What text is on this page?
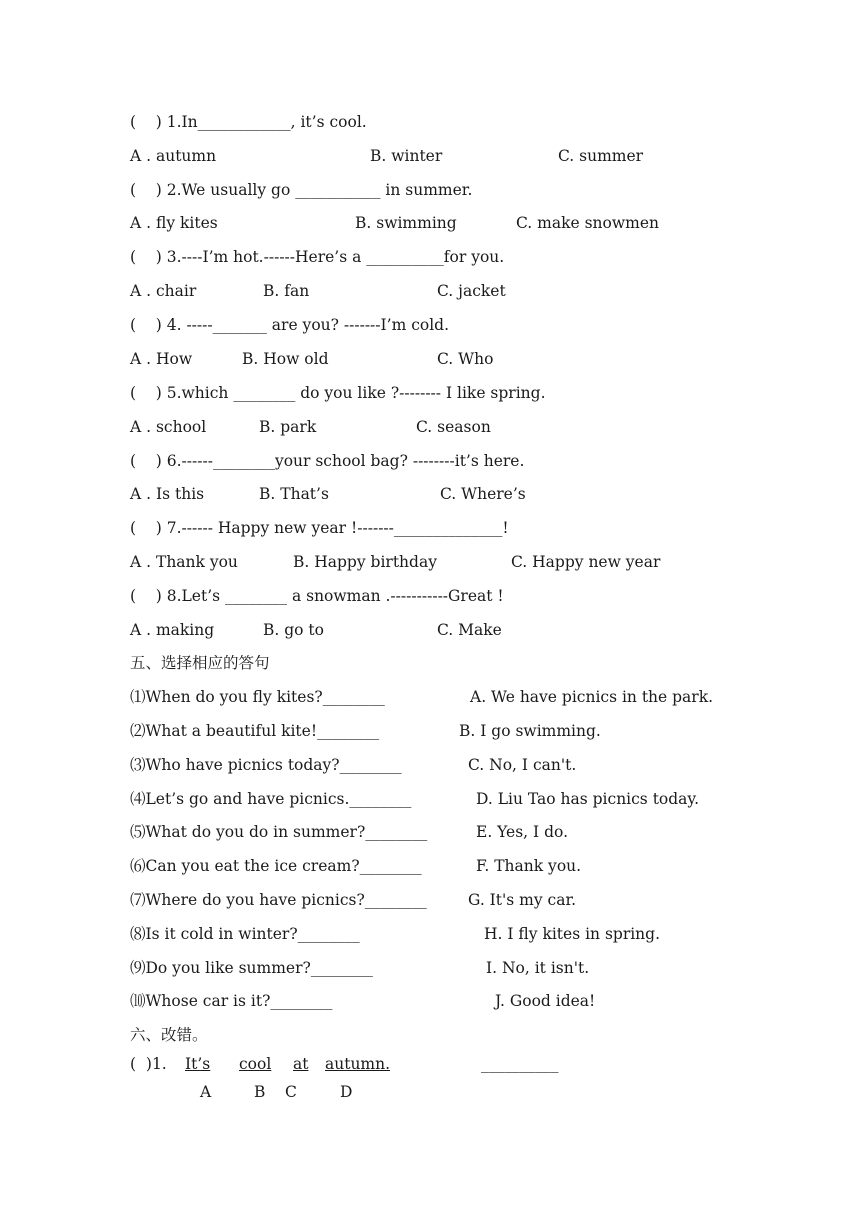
(    ) 1.In____________, it’s cool.
A . autumn	B. winter	C. summer
(    ) 2.We usually go ___________ in summer.
A . fly kites	B. swimming	C. make snowmen
(    ) 3.----I’m hot.------Here’s a __________for you.
A . chair	B. fan	C. jacket
(    ) 4. -----_______ are you? -------I’m cold.
A . How	B. How old	C. Who
(    ) 5.which ________ do you like ?-------- I like spring.
A . school	B. park	C. season
(    ) 6.------________your school bag? --------it’s here.
A . Is this	B. That’s	C. Where’s
(    ) 7.------ Happy new year !-------______________!
A . Thank you	B. Happy birthday	C. Happy new year
(    ) 8.Let’s ________ a snowman .-----------Great !
A . making	B. go to	C. Make
五、选择相应的答句
⑴When do you fly kites?________	A. We have picnics in the park.
⑵What a beautiful kite!________	B. I go swimming.
⑶Who have picnics today?________	C. No, I can't.
⑷Let’s go and have picnics.________	D. Liu Tao has picnics today.
⑸What do you do in summer?________	E. Yes, I do.
⑹Can you eat the ice cream?________	F. Thank you.
⑺Where do you have picnics?________	G. It's my car.
⑻Is it cold in winter?________	H. I fly kites in spring.
⑼Do you like summer?________	I. No, it isn't.
⑽Whose car is it?________	J. Good idea!
六、改错。
(  )1. It’s cool at autumn.	__________
A	B C	D
